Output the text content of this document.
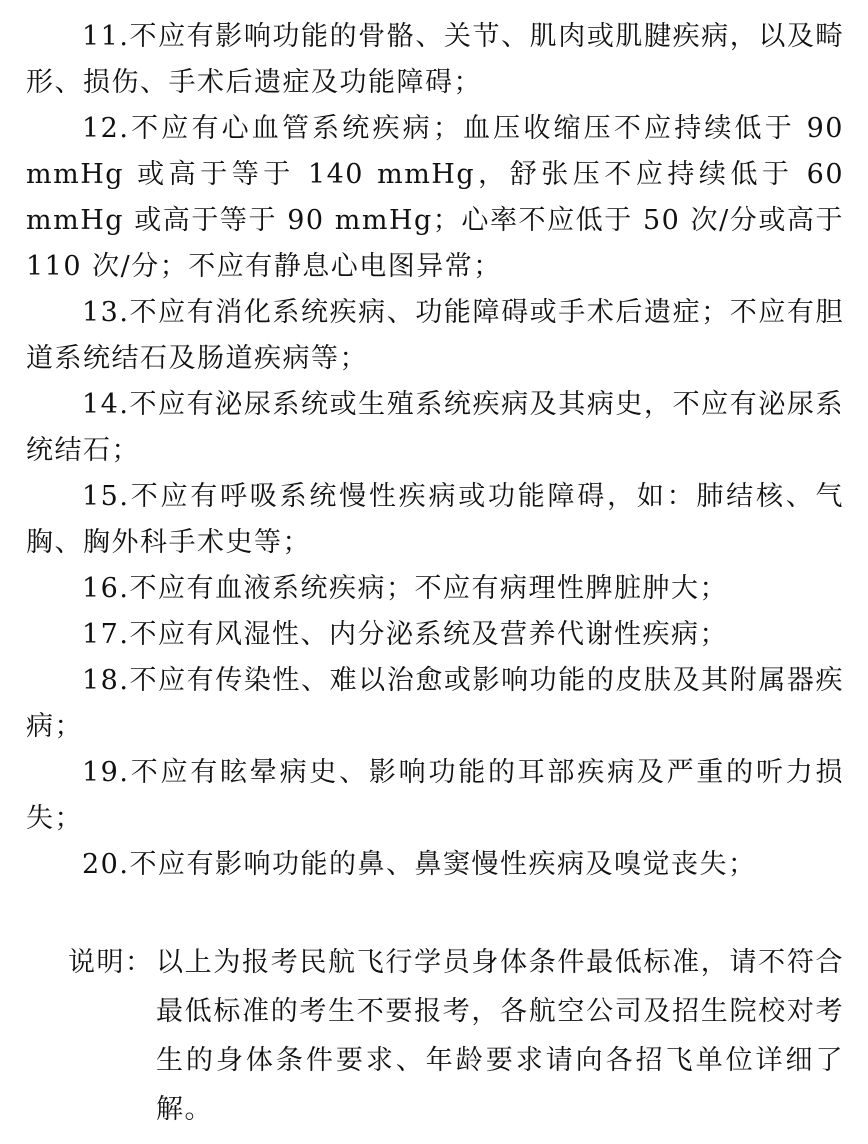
11.不应有影响功能的骨骼、关节、肌肉或肌腱疾病，以及畸形、损伤、手术后遗症及功能障碍；

12.不应有心血管系统疾病；血压收缩压不应持续低于 90 mmHg 或高于等于 140 mmHg，舒张压不应持续低于 60 mmHg 或高于等于 90 mmHg；心率不应低于 50 次/分或高于 110 次/分；不应有静息心电图异常；

13.不应有消化系统疾病、功能障碍或手术后遗症；不应有胆道系统结石及肠道疾病等；

14.不应有泌尿系统或生殖系统疾病及其病史，不应有泌尿系统结石；

15.不应有呼吸系统慢性疾病或功能障碍，如：肺结核、气胸、胸外科手术史等；

16.不应有血液系统疾病；不应有病理性脾脏肿大；

17.不应有风湿性、内分泌系统及营养代谢性疾病；

18.不应有传染性、难以治愈或影响功能的皮肤及其附属器疾病；

19.不应有眩晕病史、影响功能的耳部疾病及严重的听力损失；

20.不应有影响功能的鼻、鼻窦慢性疾病及嗅觉丧失；

说明： 以上为报考民航飞行学员身体条件最低标准，请不符合最低标准的考生不要报考，各航空公司及招生院校对考生的身体条件要求、年龄要求请向各招飞单位详细了解。
